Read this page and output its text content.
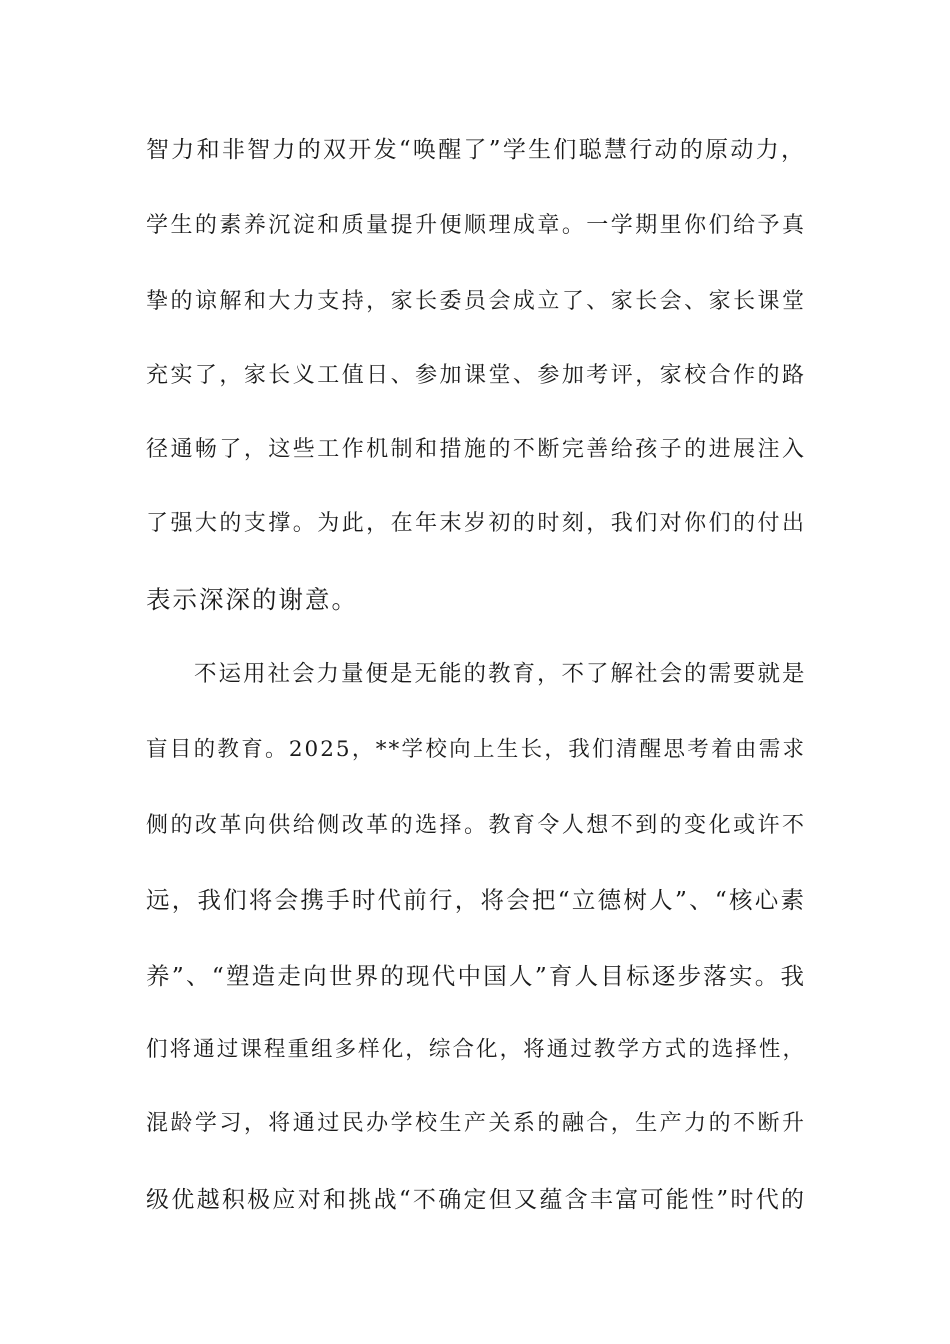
智力和非智力的双开发“唤醒了”学生们聪慧行动的原动力，
学生的素养沉淀和质量提升便顺理成章。一学期里你们给予真
挚的谅解和大力支持，家长委员会成立了、家长会、家长课堂
充实了，家长义工值日、参加课堂、参加考评，家校合作的路
径通畅了，这些工作机制和措施的不断完善给孩子的进展注入
了强大的支撑。为此，在年末岁初的时刻，我们对你们的付出
表示深深的谢意。
不运用社会力量便是无能的教育，不了解社会的需要就是
盲目的教育。2025，**学校向上生长，我们清醒思考着由需求
侧的改革向供给侧改革的选择。教育令人想不到的变化或许不
远，我们将会携手时代前行，将会把“立德树人”、“核心素
养”、“塑造走向世界的现代中国人”育人目标逐步落实。我
们将通过课程重组多样化，综合化，将通过教学方式的选择性，
混龄学习，将通过民办学校生产关系的融合，生产力的不断升
级优越积极应对和挑战“不确定但又蕴含丰富可能性”时代的
